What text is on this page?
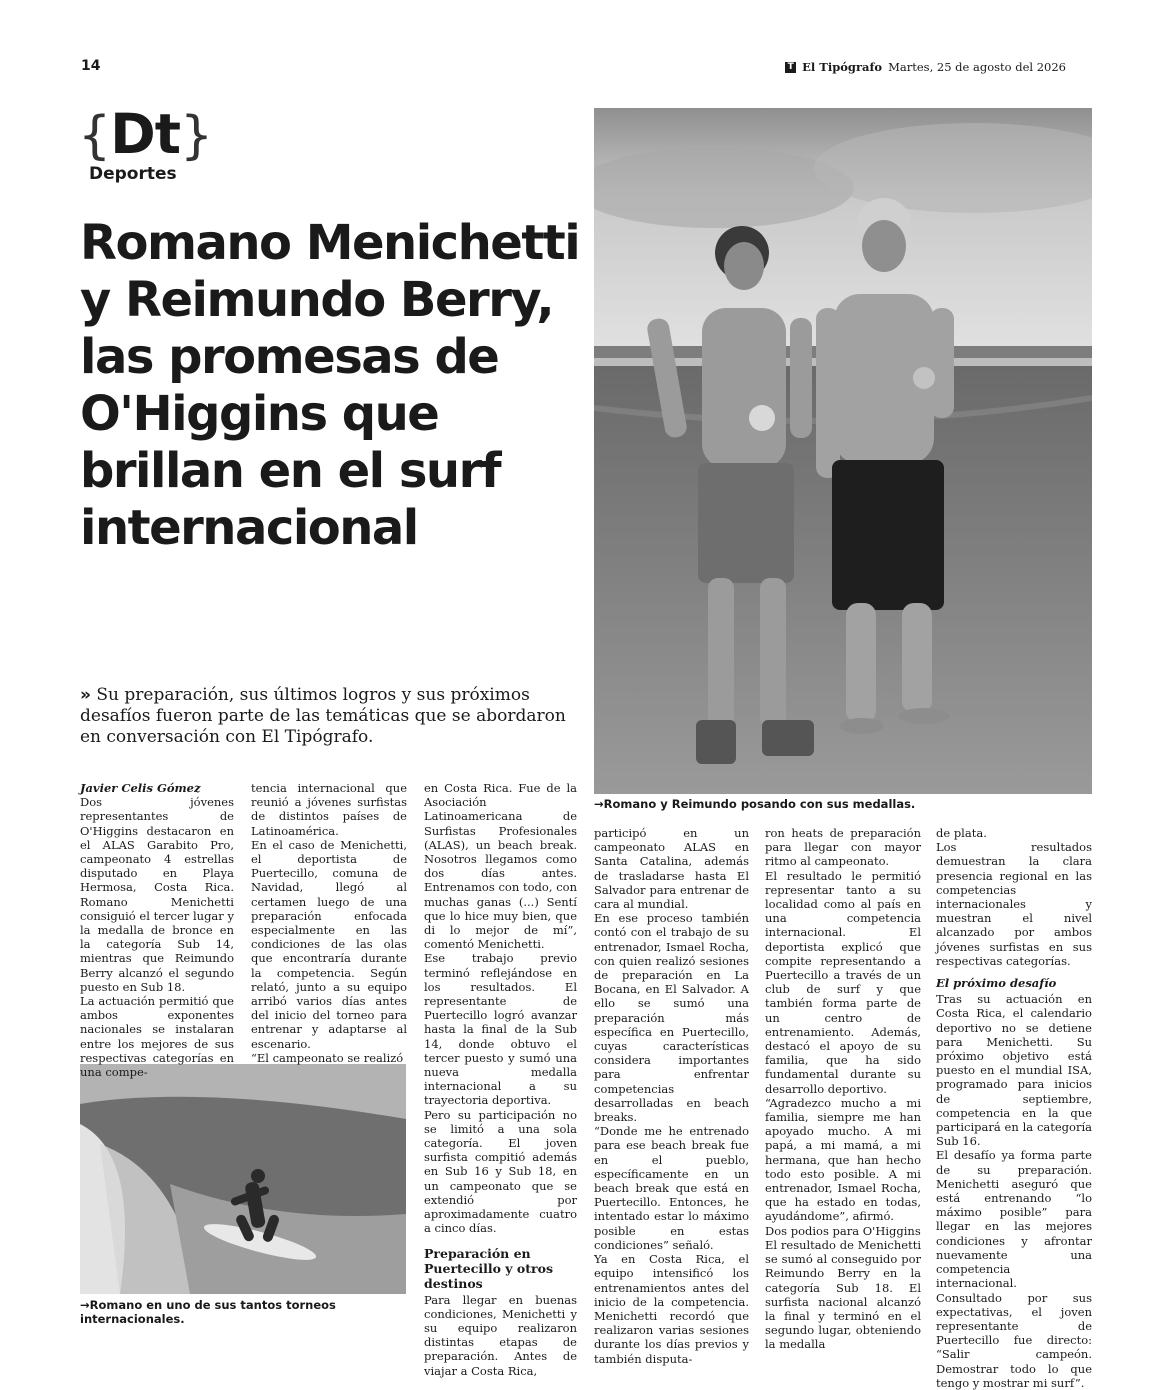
14	T El Tipógrafo Martes, 25 de agosto del 2026
{Dt}
Deportes
Romano Menichetti y Reimundo Berry, las promesas de O'Higgins que brillan en el surf internacional
» Su preparación, sus últimos logros y sus próximos desafíos fueron parte de las temáticas que se abordaron en conversación con El Tipógrafo.
→Romano y Reimundo posando con sus medallas.
→Romano en uno de sus tantos torneos internacionales.

Javier Celis Gómez

Dos jóvenes representantes de O'Higgins destacaron en el ALAS Garabito Pro, campeonato 4 estrellas disputado en Playa Hermosa, Costa Rica. Romano Menichetti consiguió el tercer lugar y la medalla de bronce en la categoría Sub 14, mientras que Reimundo Berry alcanzó el segundo puesto en Sub 18.

La actuación permitió que ambos exponentes nacionales se instalaran entre los mejores de sus respectivas categorías en una compe-

tencia internacional que reunió a jóvenes surfistas de distintos países de Latinoamérica.

En el caso de Menichetti, el deportista de Puertecillo, comuna de Navidad, llegó al certamen luego de una preparación enfocada especialmente en las condiciones de las olas que encontraría durante la competencia. Según relató, junto a su equipo arribó varios días antes del inicio del torneo para entrenar y adaptarse al escenario.

“El campeonato se realizó

en Costa Rica. Fue de la Asociación Latinoamericana de Surfistas Profesionales (ALAS), un beach break. Nosotros llegamos como dos días antes. Entrenamos con todo, con muchas ganas (...) Sentí que lo hice muy bien, que di lo mejor de mí”, comentó Menichetti.

Ese trabajo previo terminó reflejándose en los resultados. El representante de Puertecillo logró avanzar hasta la final de la Sub 14, donde obtuvo el tercer puesto y sumó una nueva medalla internacional a su trayectoria deportiva.

Pero su participación no se limitó a una sola categoría. El joven surfista compitió además en Sub 16 y Sub 18, en un campeonato que se extendió por aproximadamente cuatro a cinco días.

Preparación en Puertecillo y otros destinos

Para llegar en buenas condiciones, Menichetti y su equipo realizaron distintas etapas de preparación. Antes de viajar a Costa Rica,

participó en un campeonato ALAS en Santa Catalina, además de trasladarse hasta El Salvador para entrenar de cara al mundial.

En ese proceso también contó con el trabajo de su entrenador, Ismael Rocha, con quien realizó sesiones de preparación en La Bocana, en El Salvador. A ello se sumó una preparación más específica en Puertecillo, cuyas características considera importantes para enfrentar competencias desarrolladas en beach breaks.

“Donde me he entrenado para ese beach break fue en el pueblo, específicamente en un beach break que está en Puertecillo. Entonces, he intentado estar lo máximo posible en estas condiciones” señaló.

Ya en Costa Rica, el equipo intensificó los entrenamientos antes del inicio de la competencia. Menichetti recordó que realizaron varias sesiones durante los días previos y también disputa-

ron heats de preparación para llegar con mayor ritmo al campeonato.

El resultado le permitió representar tanto a su localidad como al país en una competencia internacional. El deportista explicó que compite representando a Puertecillo a través de un club de surf y que también forma parte de un centro de entrenamiento. Además, destacó el apoyo de su familia, que ha sido fundamental durante su desarrollo deportivo.

“Agradezco mucho a mi familia, siempre me han apoyado mucho. A mi papá, a mi mamá, a mi hermana, que han hecho todo esto posible. A mi entrenador, Ismael Rocha, que ha estado en todas, ayudándome”, afirmó.

Dos podios para O'Higgins

El resultado de Menichetti se sumó al conseguido por Reimundo Berry en la categoría Sub 18. El surfista nacional alcanzó la final y terminó en el segundo lugar, obteniendo la medalla

de plata.

Los resultados demuestran la clara presencia regional en las competencias internacionales y muestran el nivel alcanzado por ambos jóvenes surfistas en sus respectivas categorías.

El próximo desafío

Tras su actuación en Costa Rica, el calendario deportivo no se detiene para Menichetti. Su próximo objetivo está puesto en el mundial ISA, programado para inicios de septiembre, competencia en la que participará en la categoría Sub 16.

El desafío ya forma parte de su preparación. Menichetti aseguró que está entrenando “lo máximo posible” para llegar en las mejores condiciones y afrontar nuevamente una competencia internacional.

Consultado por sus expectativas, el joven representante de Puertecillo fue directo: “Salir campeón. Demostrar todo lo que tengo y mostrar mi surf”.
